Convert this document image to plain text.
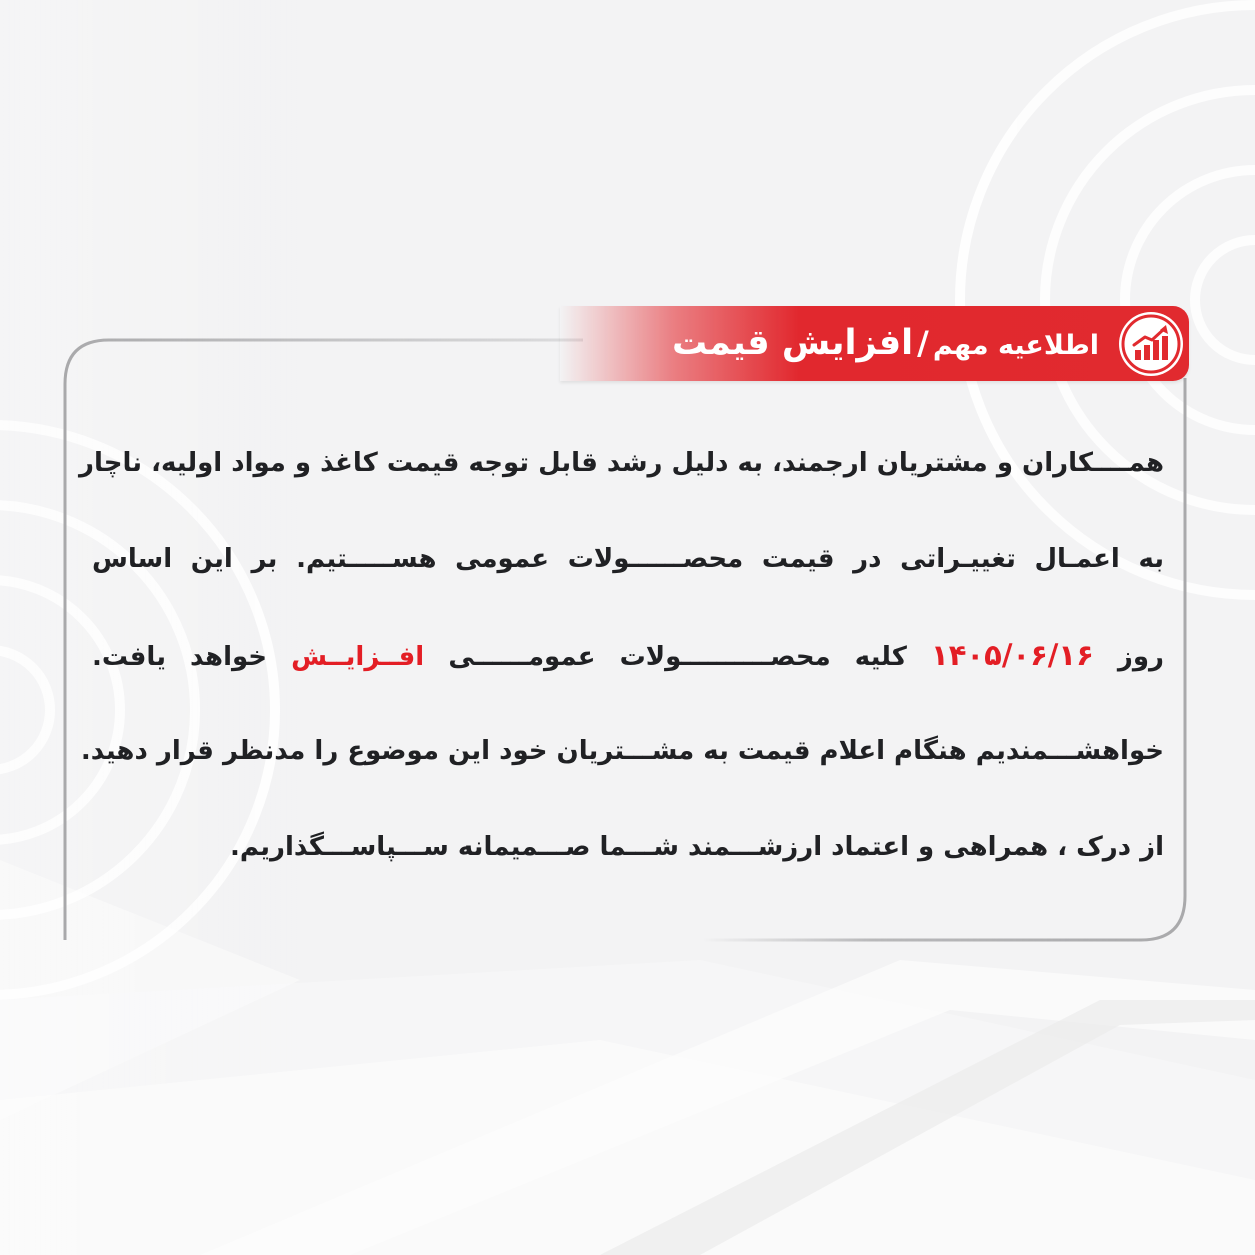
اطلاعیه مهم/افزایش قیمت
همــــکاران و مشتریان ارجمند، به دلیل رشد قابل توجه قیمت کاغذ و مواد اولیه، ناچار
به اعمـال تغییـراتی در قیمت محصــــــولات عمومی هســـــتیم. بر این اساس
روز ۱۴۰۵/۰۶/۱۶ کلیه محصــــــــــولات عمومــــــی افــزایــش خواهد یافت.
خواهشـــمندیم هنگام اعلام قیمت به مشـــتریان خود این موضوع را مدنظر قرار دهید.
از درک ، همراهی و اعتماد ارزشـــمند شـــما صـــمیمانه ســـپاســـگذاریم.
